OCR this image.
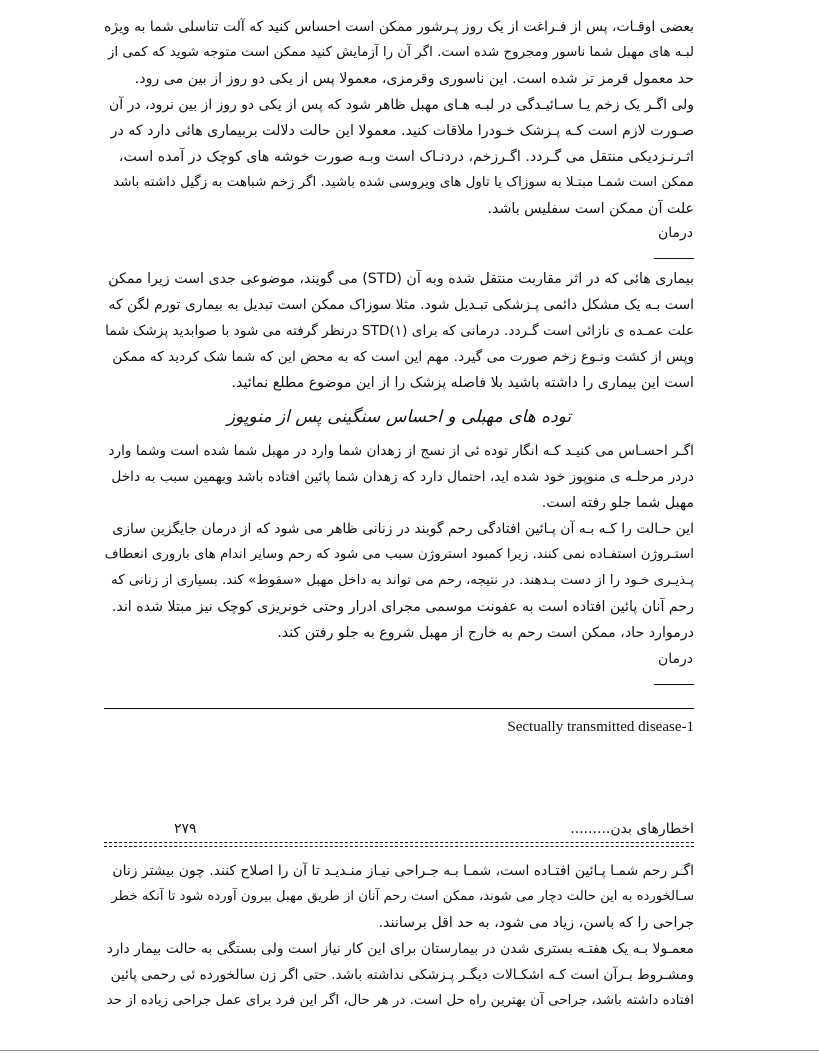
بعضی اوقـات، پس از فـراغت از یک روز پـرشور ممکن است احساس کنید که آلت تناسلی شما به ویژه
لبـه های مهبل شما ناسور ومجروح شده است. اگر آن را آزمایش کنید ممکن است متوجه شوید که کمی از
حد معمول قرمز تر شده است. این ناسوری وقرمزی، معمولا پس از یکی دو روز از بین می رود.
ولی اگـر یک زخم یـا سـائیـدگی در لبـه هـای مهبل ظاهر شود که پس از یکی دو روز از بین نرود، در آن
صـورت لازم است کـه پـزشک خـودرا ملاقات کنید. معمولا این حالت دلالت بربیماری هائی دارد که در
اثـرنـزدیکی منتقل می گـردد. اگـرزخم، دردنـاک است وبـه صورت خوشه های کوچک در آمده است،
ممکن است شمـا مبتـلا به سوزاک یا تاول های ویروسی شده باشید. اگر زخم شباهت به زگیل داشته باشد
علت آن ممکن است سفلیس باشد.
درمان
بیماری هائی که در اثر مقاربت منتقل شده وبه آن (STD) می گویند، موضوعی جدی است زیرا ممکن
است بـه یک مشکل دائمی پـزشکی تبـدیل شود. مثلا سوزاک ممکن است تبدیل به بیماری تورم لگن که
علت عمـده ی نازائی است گـردد. درمانی که برای STD(۱) درنظر گرفته می شود با صوابدید پزشک شما
وپس از کشت ونـوع زخم صورت می گیرد. مهم این است که به محض این که شما شک کردید که ممکن
است این بیماری را داشته باشید بلا فاصله پزشک را از این موضوع مطلع نمائید.
توده های مهبلی و احساس سنگینی پس از منوپوز
اگـر احسـاس می کنیـد کـه انگار توده ئی از نسج از زهدان شما وارد در مهبل شما شده است وشما وارد
دردر مرحلـه ی منوپوز خود شده اید، احتمال دارد که زهدان شما پائین افتاده باشد وبهمین سبب به داخل
مهبل شما جلو رفته است.
این حـالت را کـه بـه آن پـائین افتادگی رحم گویند در زنانی ظاهر می شود که از درمان جایگزین سازی
استـروژن استفـاده نمی کنند. زیرا کمبود استروژن سبب می شود که رحم وسایر اندام های باروری انعطاف
پـذیـری خـود را از دست بـدهند. در نتیجه، رحم می تواند به داخل مهبل «سقوط» کند. بسیاری از زنانی که
رحم آنان پائین افتاده است به عفونت موسمی مجرای ادرار وحتی خونریزی کوچک نیز مبتلا شده اند.
درموارد حاد، ممکن است رحم به خارج از مهبل شروع به جلو رفتن کند.
درمان
Sectually transmitted disease-1
اخطارهای بدن.........
۲۷۹
اگـر رحم شمـا پـائین افتـاده است، شمـا بـه جـراحی نیـاز منـدیـد تا آن را اصلاح کنند. چون بیشتر زنان
سـالخورده به این حالت دچار می شوند، ممکن است رحم آنان از طریق مهبل بیرون آورده شود تا آنکه خطر
جراحی را که باسن، زیاد می شود، به حد اقل برسانند.
معمـولا بـه یک هفتـه بستری شدن در بیمارستان برای این کار نیاز است ولی بستگی به حالت بیمار دارد
ومشـروط بـرآن است کـه اشکـالات دیگـر پـزشکی نداشته باشد. حتی اگر زن سالخورده ئی رحمی پائین
افتاده داشته باشد، جراحی آن بهترین راه حل است. در هر حال، اگر این فرد برای عمل جراحی زیاده از حد
